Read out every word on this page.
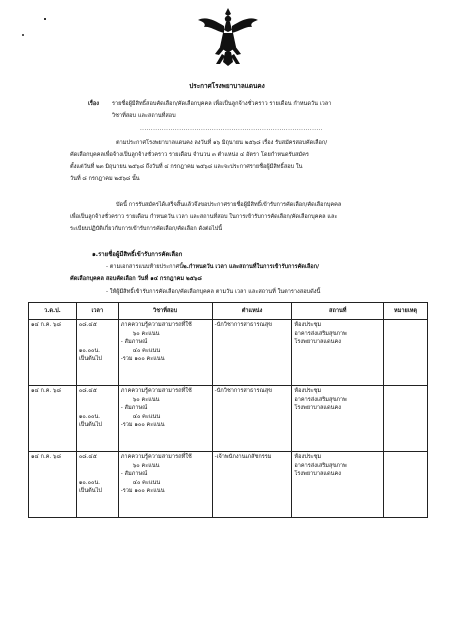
ประกาศโรงพยาบาลแดนคง
เรื่อง รายชื่อผู้มีสิทธิ์สอบคัดเลือก/คัดเลือกบุคคล เพื่อเป็นลูกจ้างชั่วคราว รายเดือน กำหนดวัน เวลา
วิชาที่สอบ และสถานที่สอบ
....................................................................................
ตามประกาศโรงพยาบาลแดนคง ลงวันที่ ๑๖ มิถุนายน ๒๕๖๘ เรื่อง รับสมัครสอบคัดเลือก/
คัดเลือกบุคคลเพื่อจ้างเป็นลูกจ้างชั่วคราว รายเดือน จำนวน ๓ ตำแหน่ง ๔ อัตรา โดยกำหนดรับสมัคร
ตั้งแต่วันที่ ๒๓ มิถุนายน ๒๕๖๘ ถึงวันที่ ๔ กรกฎาคม ๒๕๖๘ และจะประกาศรายชื่อผู้มีสิทธิ์สอบ ใน
วันที่ ๘ กรกฎาคม ๒๕๖๘ นั้น
บัดนี้ การรับสมัครได้เสร็จสิ้นแล้วจึงขอประกาศรายชื่อผู้มีสิทธิ์เข้ารับการคัดเลือก/คัดเลือกบุคคล
เพื่อเป็นลูกจ้างชั่วคราว รายเดือน กำหนดวัน เวลา และสถานที่สอบ ในการเข้ารับการคัดเลือก/คัดเลือกบุคคล และ
ระเบียบปฏิบัติเกี่ยวกับการเข้ารับการคัดเลือก/คัดเลือก ดังต่อไปนี้
๑.รายชื่อผู้มีสิทธิ์เข้ารับการคัดเลือก
- ตามเอกสารแนบท้ายประกาศนี้๒.กำหนดวัน เวลา และสถานที่ในการเข้ารับการคัดเลือก/
คัดเลือกบุคคล สอบคัดเลือก วันที่ ๑๔ กรกฎาคม ๒๕๖๘
- ให้ผู้มีสิทธิ์เข้ารับการคัดเลือก/คัดเลือกบุคคล ตามวัน เวลา และสถานที่ ในตารางสอบดังนี้
ว.ด.ป.	เวลา	วิชาที่สอบ	ตำแหน่ง	สถานที่	หมายเหตุ

๑๔ ก.ค. ๖๘	๐๘.๔๕

๑๐.๐๐น.
เป็นต้นไป	ภาคความรู้ความสามารถที่ใช้
๖๐ คะแนน
- สัมภาษณ์
๔๐ คะแนน
-รวม ๑๐๐ คะแนน	-นักวิชาการสาธารณสุข	ห้องประชุม
อาคารส่งเสริมสุขภาพ
โรงพยาบาลแดนคง	

๑๔ ก.ค. ๖๘	๐๘.๔๕

๑๐.๐๐น.
เป็นต้นไป	ภาคความรู้ความสามารถที่ใช้
๖๐ คะแนน
- สัมภาษณ์
๔๐ คะแนน
-รวม ๑๐๐ คะแนน	-นักวิชาการสาธารณสุข	ห้องประชุม
อาคารส่งเสริมสุขภาพ
โรงพยาบาลแดนคง	

๑๔ ก.ค. ๖๘	๐๘.๔๕

๑๐.๐๐น.
เป็นต้นไป	ภาคความรู้ความสามารถที่ใช้
๖๐ คะแนน
- สัมภาษณ์
๔๐ คะแนน
-รวม ๑๐๐ คะแนน	-เจ้าพนักงานเภสัชกรรม	ห้องประชุม
อาคารส่งเสริมสุขภาพ
โรงพยาบาลแดนคง	
